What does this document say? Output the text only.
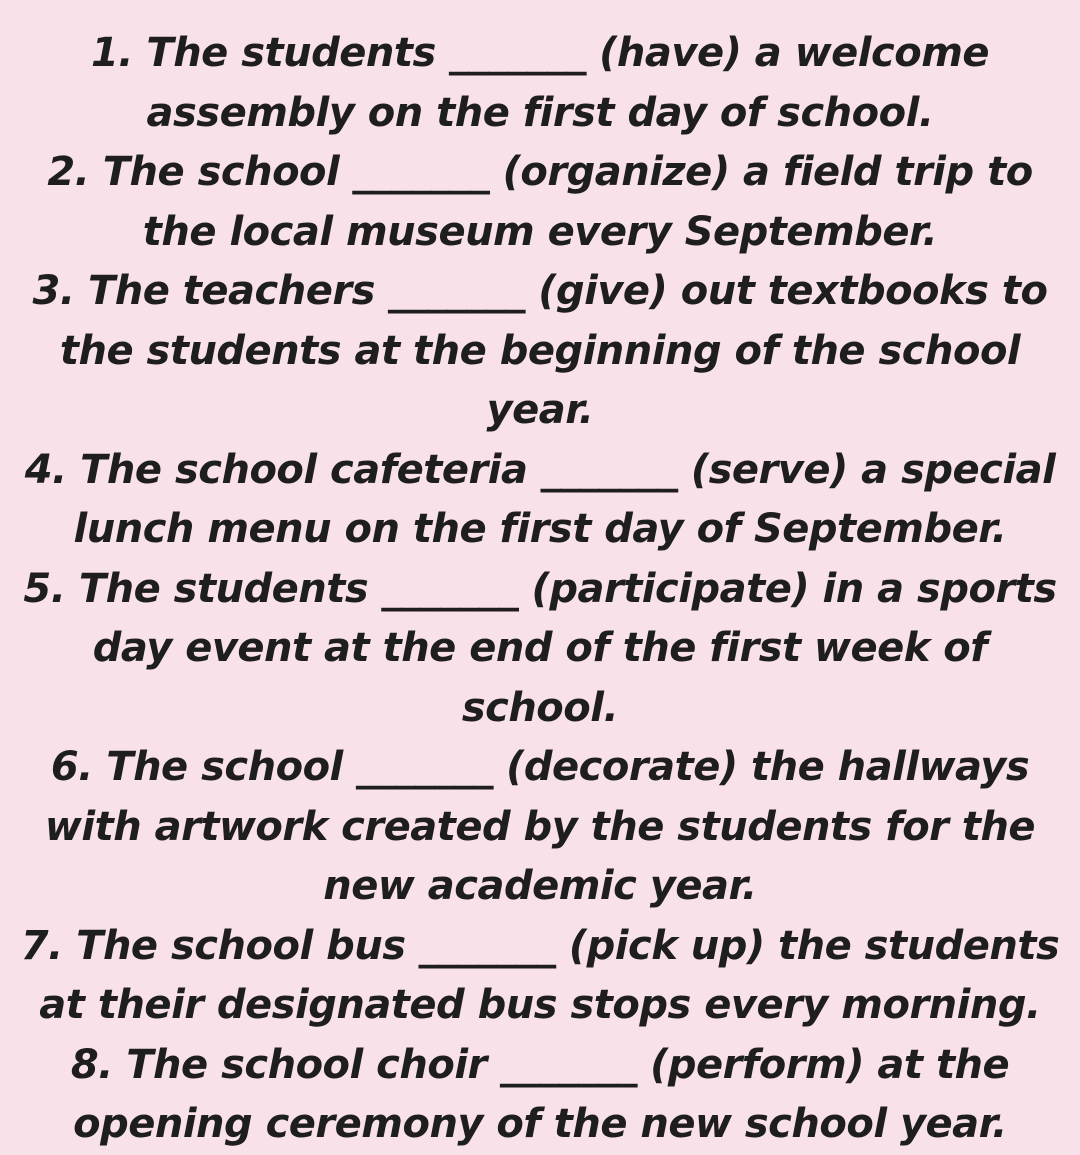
1. The students _______ (have) a welcome assembly on the first day of school.
2. The school _______ (organize) a field trip to the local museum every September.
3. The teachers _______ (give) out textbooks to the students at the beginning of the school year.
4. The school cafeteria _______ (serve) a special lunch menu on the first day of September.
5. The students _______ (participate) in a sports day event at the end of the first week of school.
6. The school _______ (decorate) the hallways with artwork created by the students for the new academic year.
7. The school bus _______ (pick up) the students at their designated bus stops every morning.
8. The school choir _______ (perform) at the opening ceremony of the new school year.
